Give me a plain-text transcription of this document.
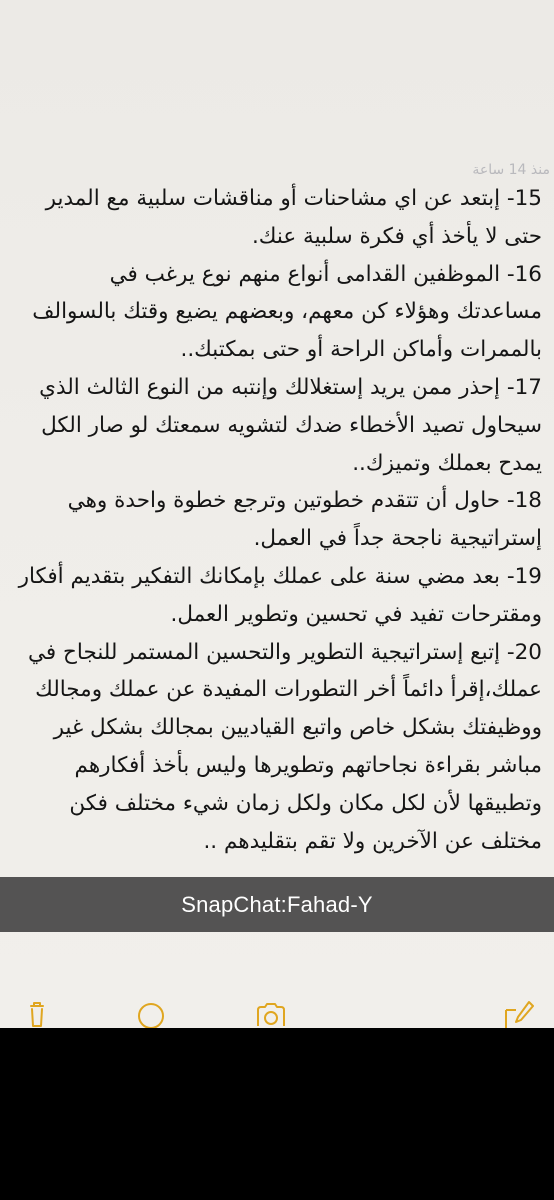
منذ 14 ساعة

-15 إبتعد عن اي مشاحنات أو مناقشات سلبية مع المدير حتى لا يأخذ أي فكرة سلبية عنك.

-16 الموظفين القدامى أنواع منهم نوع يرغب في مساعدتك وهؤلاء كن معهم، وبعضهم يضيع وقتك بالسوالف بالممرات وأماكن الراحة أو حتى بمكتبك..

-17 إحذر ممن يريد إستغلالك وإنتبه من النوع الثالث الذي سيحاول تصيد الأخطاء ضدك لتشويه سمعتك لو صار الكل يمدح بعملك وتميزك..

-18 حاول أن تتقدم خطوتين وترجع خطوة واحدة وهي إستراتيجية ناجحة جداً في العمل.

-19 بعد مضي سنة على عملك بإمكانك التفكير بتقديم أفكار ومقترحات تفيد في تحسين وتطوير العمل.

-20 إتبع إستراتيجية التطوير والتحسين المستمر للنجاح في عملك،إقرأ دائماً أخر التطورات المفيدة عن عملك ومجالك ووظيفتك بشكل خاص واتبع القياديين بمجالك بشكل غير مباشر بقراءة نجاحاتهم وتطويرها وليس بأخذ أفكارهم وتطبيقها لأن لكل مكان ولكل زمان شيء مختلف فكن مختلف عن الآخرين ولا تقم بتقليدهم ..

SnapChat:Fahad-Y
